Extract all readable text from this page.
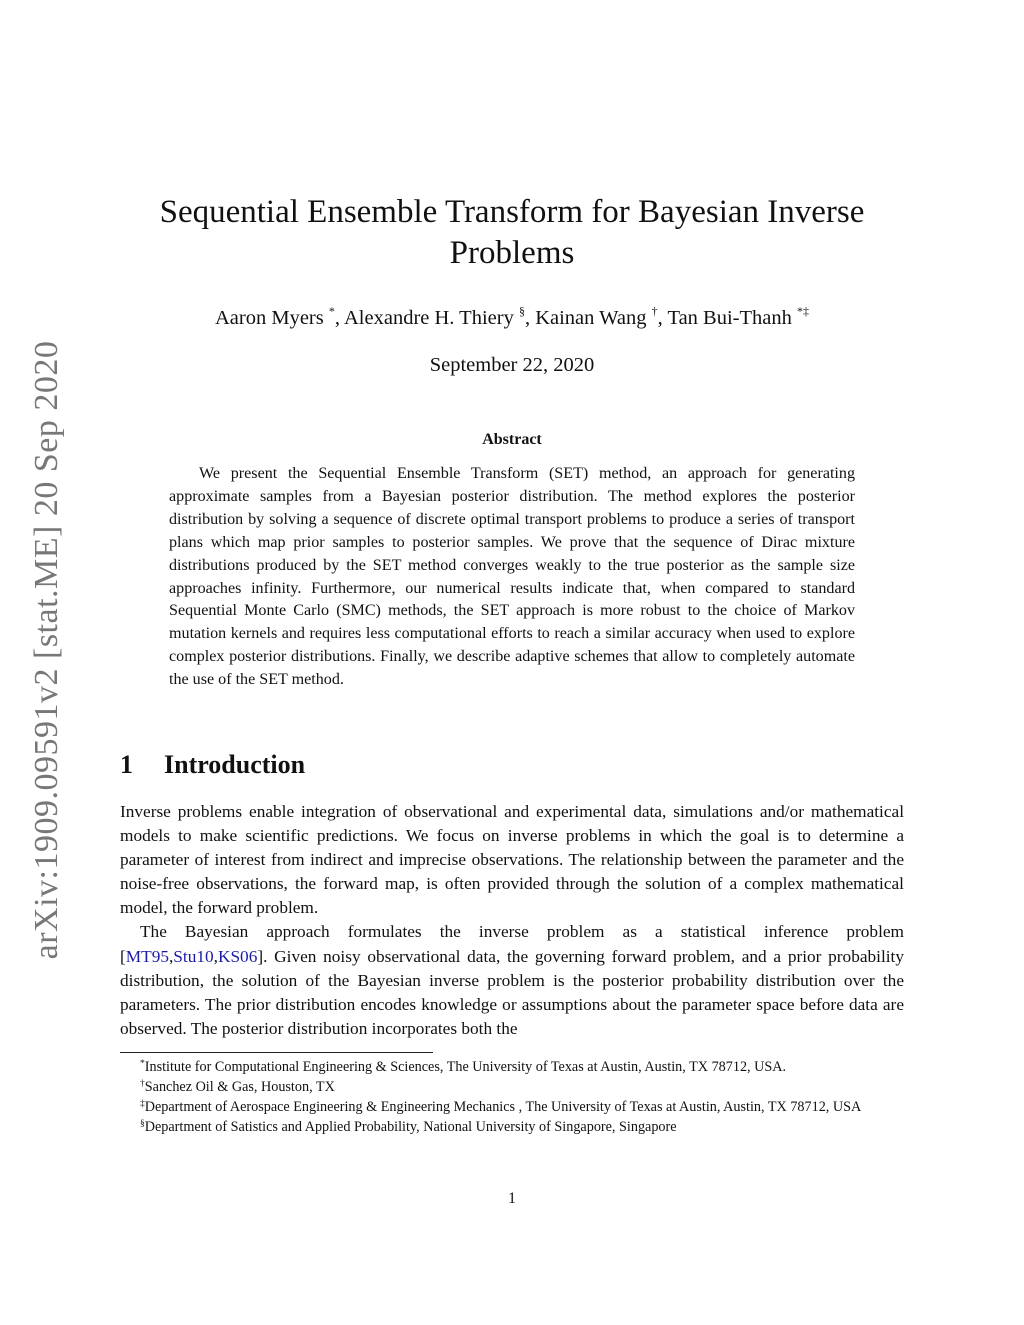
arXiv:1909.09591v2 [stat.ME] 20 Sep 2020
Sequential Ensemble Transform for Bayesian Inverse
Problems
Aaron Myers *, Alexandre H. Thiery §, Kainan Wang †, Tan Bui-Thanh *‡
September 22, 2020
Abstract

We present the Sequential Ensemble Transform (SET) method, an approach for generating approximate samples from a Bayesian posterior distribution. The method explores the posterior distribution by solving a sequence of discrete optimal transport problems to produce a series of transport plans which map prior samples to posterior samples. We prove that the sequence of Dirac mixture distributions produced by the SET method converges weakly to the true posterior as the sample size approaches infinity. Furthermore, our numerical results indicate that, when compared to standard Sequential Monte Carlo (SMC) methods, the SET approach is more robust to the choice of Markov mutation kernels and requires less computational efforts to reach a similar accuracy when used to explore complex posterior distributions. Finally, we describe adaptive schemes that allow to completely automate the use of the SET method.

1 Introduction

Inverse problems enable integration of observational and experimental data, simulations and/or mathematical models to make scientific predictions. We focus on inverse problems in which the goal is to determine a parameter of interest from indirect and imprecise observations. The relationship between the parameter and the noise-free observations, the forward map, is often provided through the solution of a complex mathematical model, the forward problem.

The Bayesian approach formulates the inverse problem as a statistical inference problem [MT95,Stu10,KS06]. Given noisy observational data, the governing forward problem, and a prior probability distribution, the solution of the Bayesian inverse problem is the posterior probability distribution over the parameters. The prior distribution encodes knowledge or assumptions about the parameter space before data are observed. The posterior distribution incorporates both the

*Institute for Computational Engineering & Sciences, The University of Texas at Austin, Austin, TX 78712, USA.

†Sanchez Oil & Gas, Houston, TX

‡Department of Aerospace Engineering & Engineering Mechanics , The University of Texas at Austin, Austin, TX 78712, USA

§Department of Satistics and Applied Probability, National University of Singapore, Singapore

1
